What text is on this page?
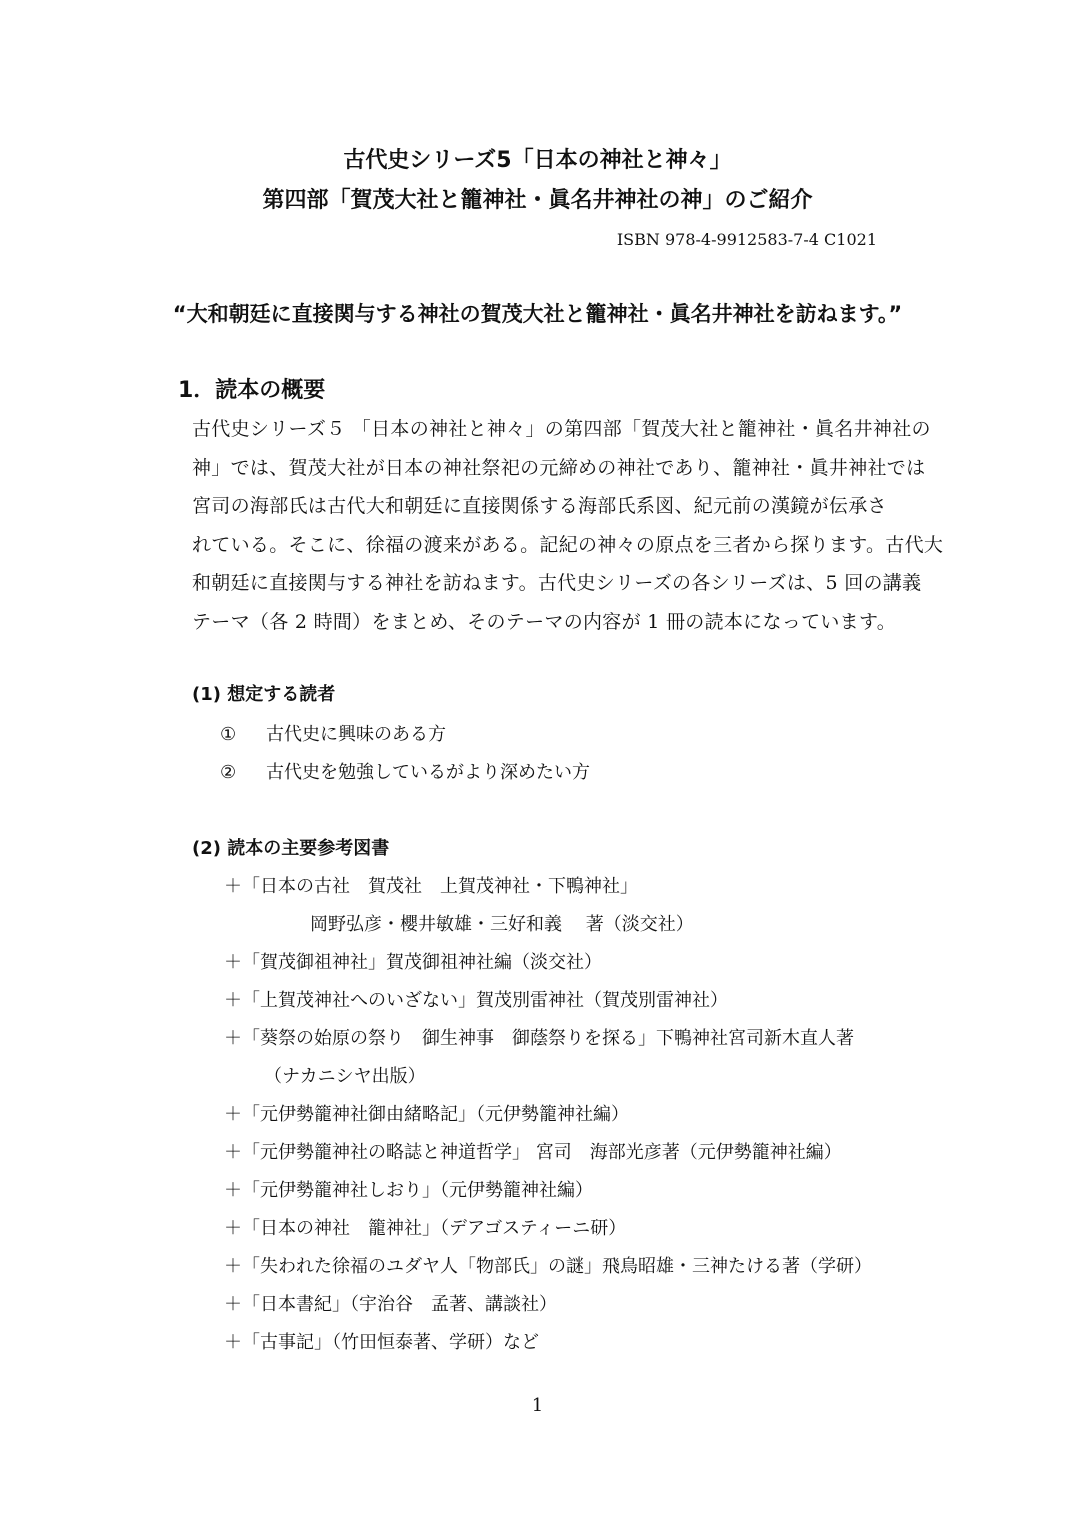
古代史シリーズ5「日本の神社と神々」
第四部「賀茂大社と籠神社・眞名井神社の神」のご紹介
ISBN 978-4-9912583-7-4 C1021
“大和朝廷に直接関与する神社の賀茂大社と籠神社・眞名井神社を訪ねます。”
1．読本の概要
古代史シリーズ５ 「日本の神社と神々」の第四部「賀茂大社と籠神社・眞名井神社の
神」では、賀茂大社が日本の神社祭祀の元締めの神社であり、籠神社・眞井神社では
宮司の海部氏は古代大和朝廷に直接関係する海部氏系図、紀元前の漢鏡が伝承さ
れている。そこに、徐福の渡来がある。記紀の神々の原点を三者から探ります。古代大
和朝廷に直接関与する神社を訪ねます。古代史シリーズの各シリーズは、5 回の講義
テーマ（各 2 時間）をまとめ、そのテーマの内容が 1 冊の読本になっています。
(1) 想定する読者
① 古代史に興味のある方
② 古代史を勉強しているがより深めたい方
(2) 読本の主要参考図書
＋「日本の古社　賀茂社　上賀茂神社・下鴨神社」
岡野弘彦・櫻井敏雄・三好和義　 著（淡交社）
＋「賀茂御祖神社」賀茂御祖神社編（淡交社）
＋「上賀茂神社へのいざない」賀茂別雷神社（賀茂別雷神社）
＋「葵祭の始原の祭り　御生神事　御蔭祭りを探る」下鴨神社宮司新木直人著
（ナカニシヤ出版）
＋「元伊勢籠神社御由緒略記」（元伊勢籠神社編）
＋「元伊勢籠神社の略誌と神道哲学」 宮司　海部光彦著（元伊勢籠神社編）
＋「元伊勢籠神社しおり」（元伊勢籠神社編）
＋「日本の神社　籠神社」（デアゴスティーニ研）
＋「失われた徐福のユダヤ人「物部氏」の謎」飛鳥昭雄・三神たける著（学研）
＋「日本書紀」（宇治谷　孟著、講談社）
＋「古事記」（竹田恒泰著、学研）など
1
